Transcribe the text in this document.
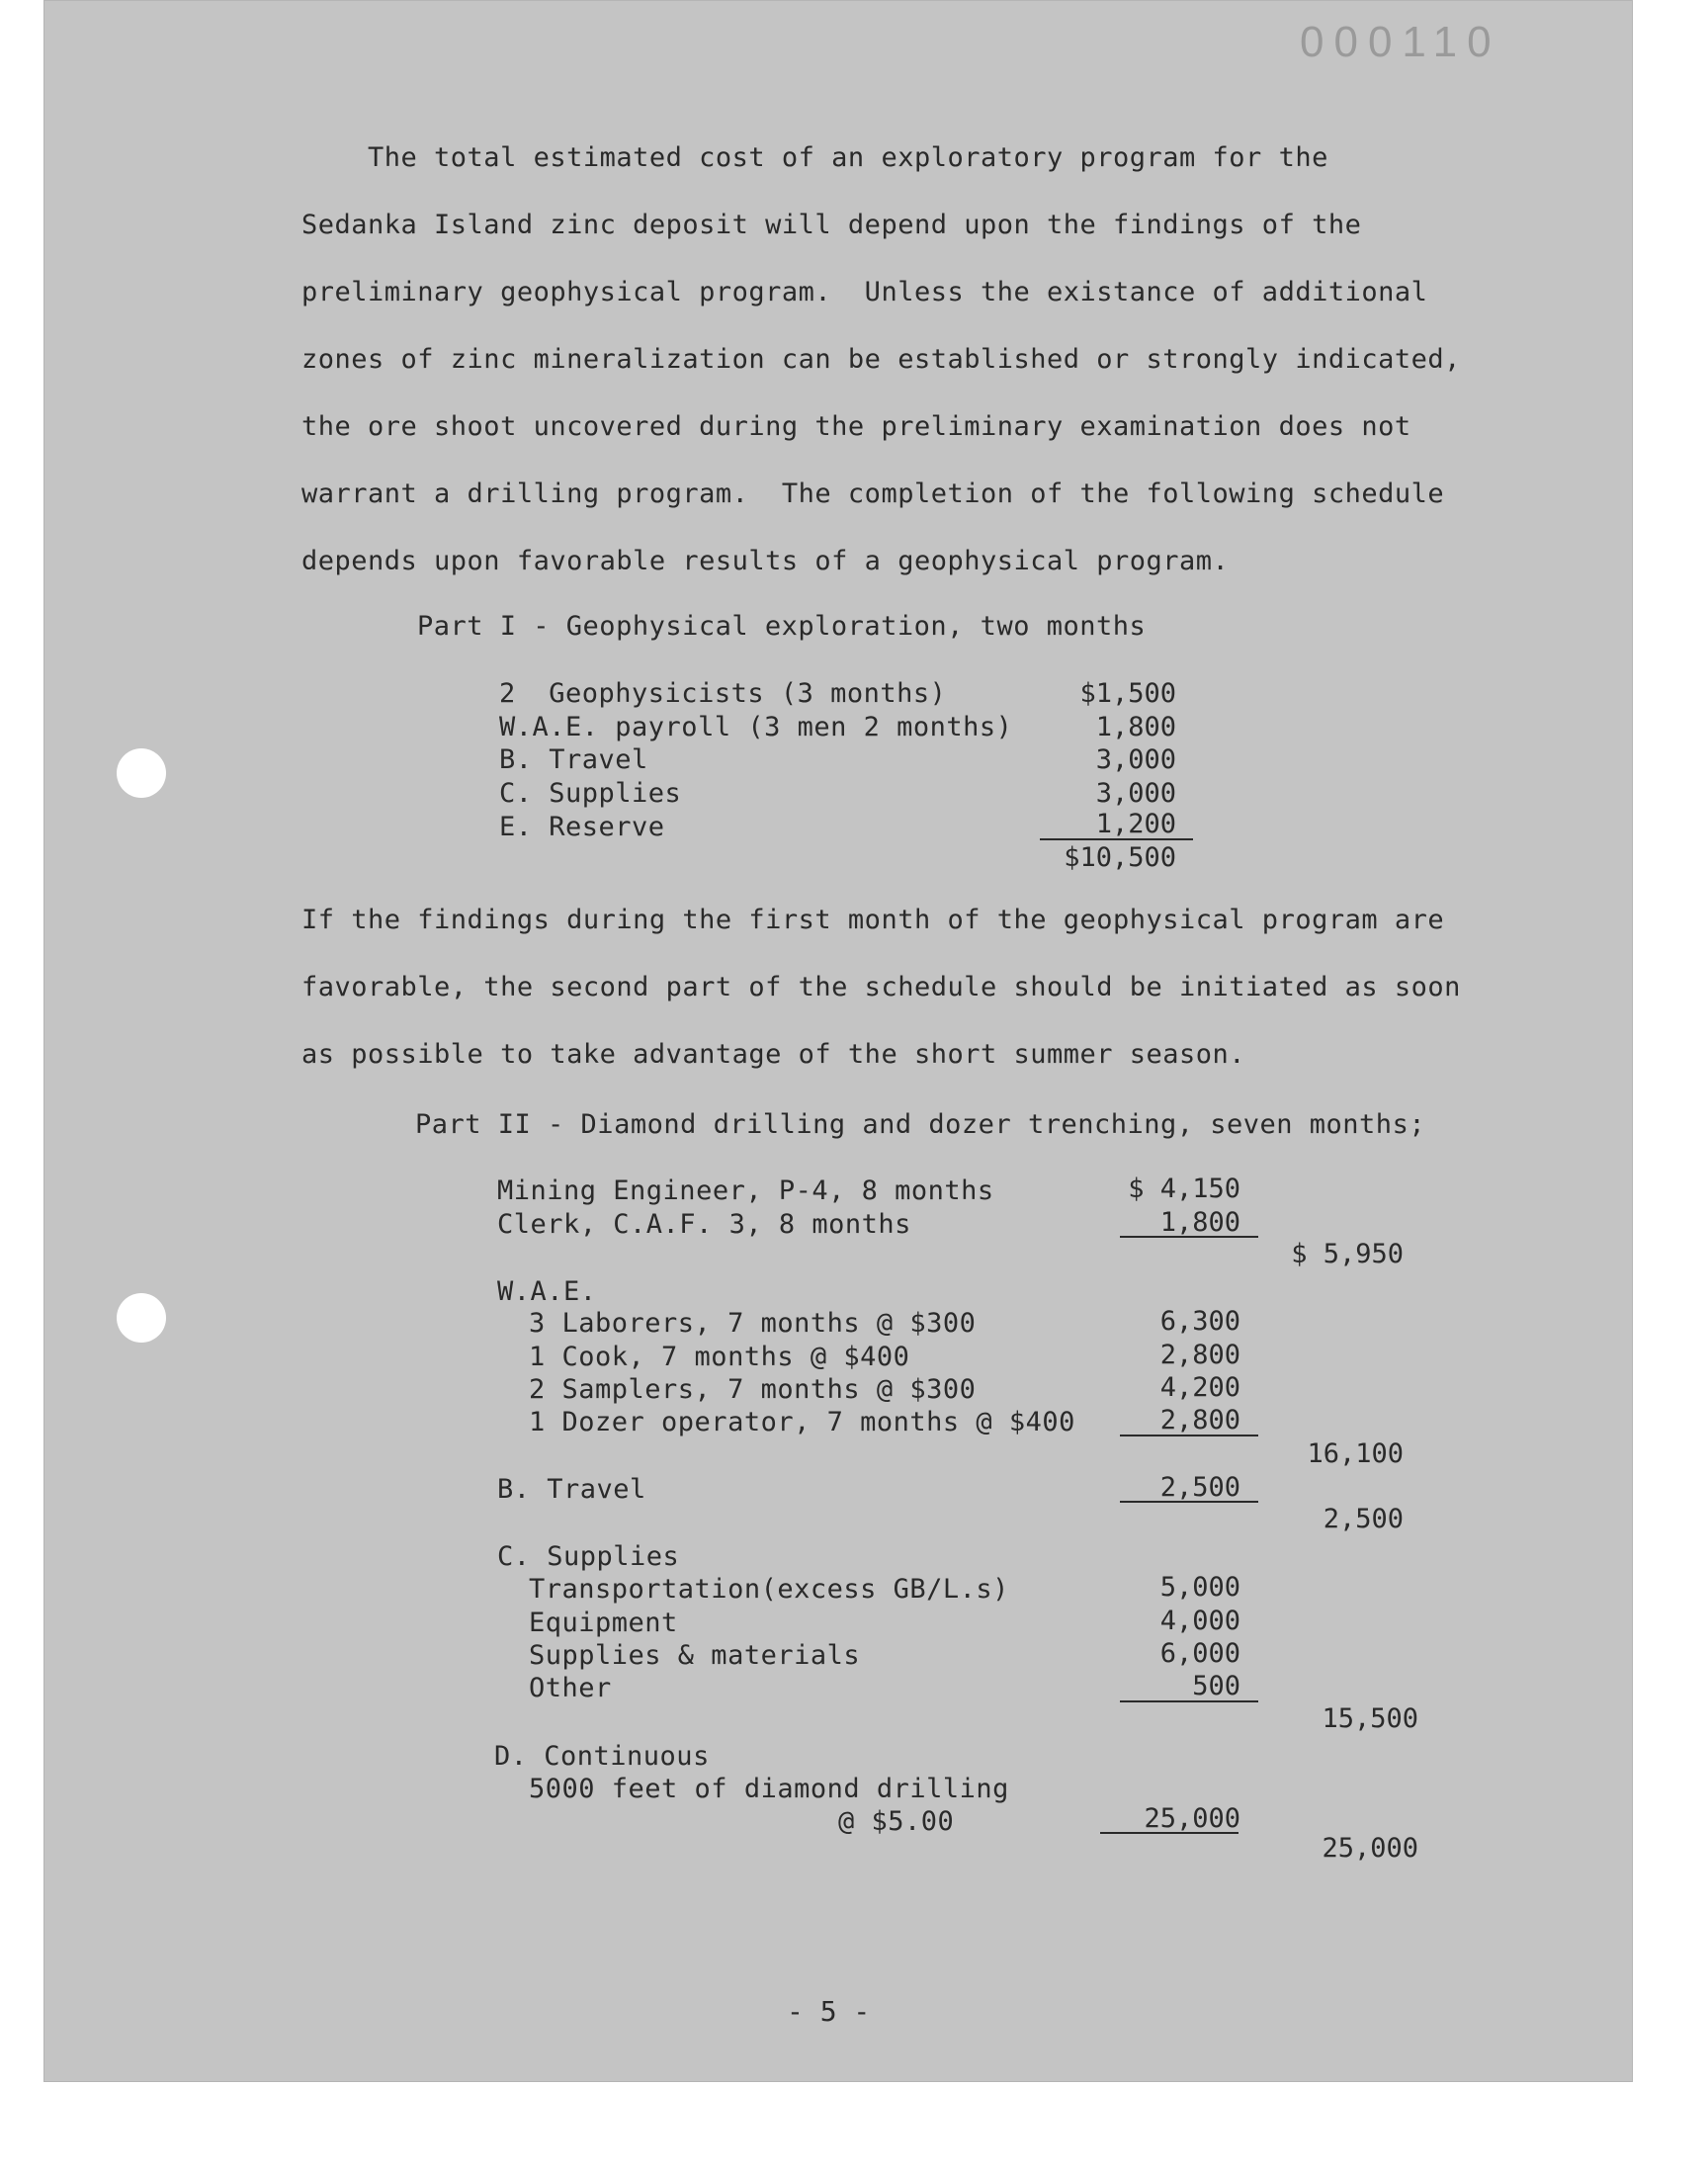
000110
The total estimated cost of an exploratory program for the
Sedanka Island zinc deposit will depend upon the findings of the
preliminary geophysical program.  Unless the existance of additional
zones of zinc mineralization can be established or strongly indicated,
the ore shoot uncovered during the preliminary examination does not
warrant a drilling program.  The completion of the following schedule
depends upon favorable results of a geophysical program.
Part I - Geophysical exploration, two months
2  Geophysicists (3 months)
W.A.E. payroll (3 men 2 months)
B. Travel
C. Supplies
E. Reserve
$1,500
1,800
3,000
3,000
1,200
$10,500
If the findings during the first month of the geophysical program are
favorable, the second part of the schedule should be initiated as soon
as possible to take advantage of the short summer season.
Part II - Diamond drilling and dozer trenching, seven months;
Mining Engineer, P-4, 8 months
Clerk, C.A.F. 3, 8 months
$ 4,150
1,800
$ 5,950
W.A.E.
3 Laborers, 7 months @ $300
1 Cook, 7 months @ $400
2 Samplers, 7 months @ $300
1 Dozer operator, 7 months @ $400
6,300
2,800
4,200
2,800
16,100
B. Travel	2,500
2,500
C. Supplies
Transportation(excess GB/L.s)
Equipment
Supplies & materials
Other
5,000
4,000
6,000
500
15,500
D. Continuous
5000 feet of diamond drilling
@ $5.00	25,000
25,000
- 5 -
